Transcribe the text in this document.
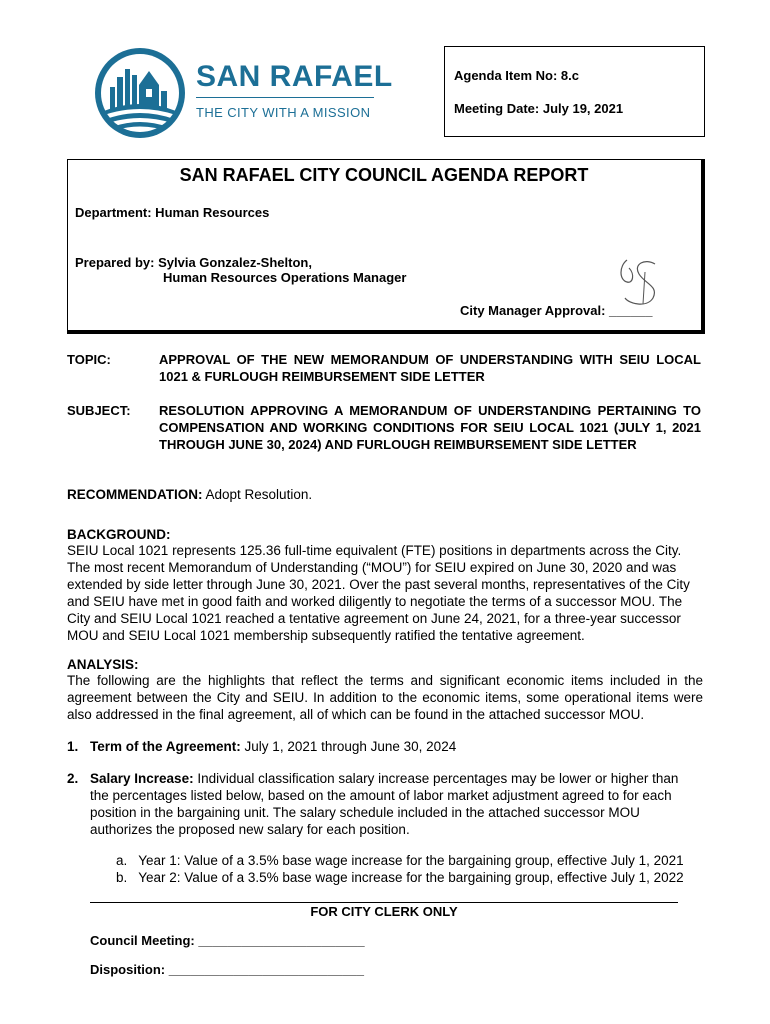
SAN RAFAEL
THE CITY WITH A MISSION
Agenda Item No: 8.c
Meeting Date: July 19, 2021
SAN RAFAEL CITY COUNCIL AGENDA REPORT
Department: Human Resources
Prepared by: Sylvia Gonzalez-Shelton,
Human Resources Operations Manager
City Manager Approval: ______
TOPIC:	APPROVAL OF THE NEW MEMORANDUM OF UNDERSTANDING WITH SEIU LOCAL 1021 & FURLOUGH REIMBURSEMENT SIDE LETTER
SUBJECT: RESOLUTION APPROVING A MEMORANDUM OF UNDERSTANDING PERTAINING TO COMPENSATION AND WORKING CONDITIONS FOR SEIU LOCAL 1021 (JULY 1, 2021 THROUGH JUNE 30, 2024) AND FURLOUGH REIMBURSEMENT SIDE LETTER
RECOMMENDATION: Adopt Resolution.
BACKGROUND:
SEIU Local 1021 represents 125.36 full-time equivalent (FTE) positions in departments across the City. The most recent Memorandum of Understanding (“MOU”) for SEIU expired on June 30, 2020 and was extended by side letter through June 30, 2021. Over the past several months, representatives of the City and SEIU have met in good faith and worked diligently to negotiate the terms of a successor MOU. The City and SEIU Local 1021 reached a tentative agreement on June 24, 2021, for a three-year successor MOU and SEIU Local 1021 membership subsequently ratified the tentative agreement.
ANALYSIS:
The following are the highlights that reflect the terms and significant economic items included in the agreement between the City and SEIU. In addition to the economic items, some operational items were also addressed in the final agreement, all of which can be found in the attached successor MOU.
1. Term of the Agreement: July 1, 2021 through June 30, 2024
2. Salary Increase: Individual classification salary increase percentages may be lower or higher than the percentages listed below, based on the amount of labor market adjustment agreed to for each position in the bargaining unit. The salary schedule included in the attached successor MOU authorizes the proposed new salary for each position.
a.   Year 1: Value of a 3.5% base wage increase for the bargaining group, effective July 1, 2021
b.   Year 2: Value of a 3.5% base wage increase for the bargaining group, effective July 1, 2022
FOR CITY CLERK ONLY
Council Meeting: _______________________
Disposition: ___________________________
